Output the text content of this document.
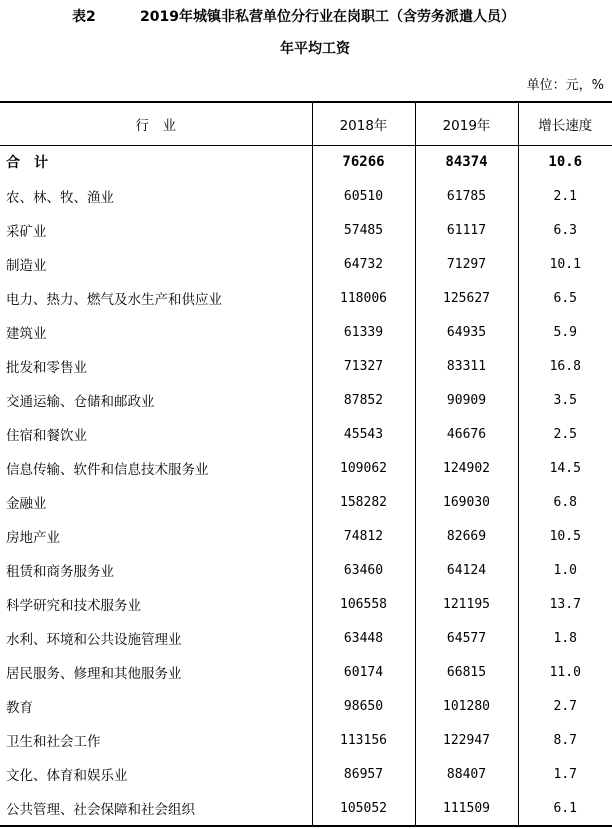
表2	2019年城镇非私营单位分行业在岗职工（含劳务派遣人员）
年平均工资
单位：元，%
行　业	2018年	2019年	增长速度
合　计	76266	84374	10.6
农、林、牧、渔业	60510	61785	2.1
采矿业	57485	61117	6.3
制造业	64732	71297	10.1
电力、热力、燃气及水生产和供应业	118006	125627	6.5
建筑业	61339	64935	5.9
批发和零售业	71327	83311	16.8
交通运输、仓储和邮政业	87852	90909	3.5
住宿和餐饮业	45543	46676	2.5
信息传输、软件和信息技术服务业	109062	124902	14.5
金融业	158282	169030	6.8
房地产业	74812	82669	10.5
租赁和商务服务业	63460	64124	1.0
科学研究和技术服务业	106558	121195	13.7
水利、环境和公共设施管理业	63448	64577	1.8
居民服务、修理和其他服务业	60174	66815	11.0
教育	98650	101280	2.7
卫生和社会工作	113156	122947	8.7
文化、体育和娱乐业	86957	88407	1.7
公共管理、社会保障和社会组织	105052	111509	6.1
